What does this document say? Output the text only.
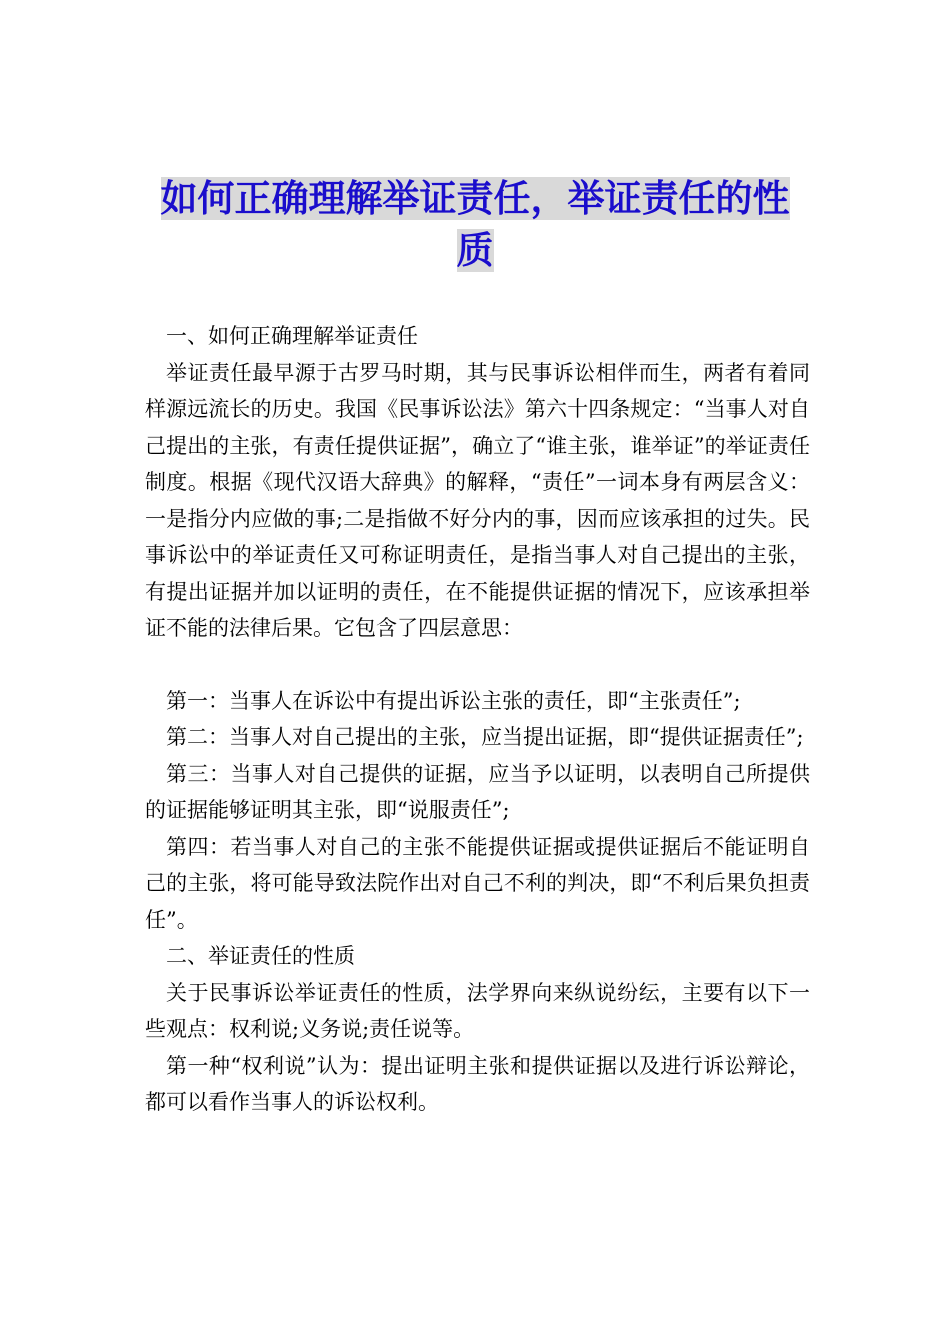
如何正确理解举证责任，举证责任的性
质

一、如何正确理解举证责任

举证责任最早源于古罗马时期，其与民事诉讼相伴而生，两者有着同样源远流长的历史。我国《民事诉讼法》第六十四条规定：“当事人对自己提出的主张，有责任提供证据”，确立了“谁主张，谁举证”的举证责任制度。根据《现代汉语大辞典》的解释，“责任”一词本身有两层含义：一是指分内应做的事;二是指做不好分内的事，因而应该承担的过失。民事诉讼中的举证责任又可称证明责任，是指当事人对自己提出的主张，有提出证据并加以证明的责任，在不能提供证据的情况下，应该承担举证不能的法律后果。它包含了四层意思：

第一：当事人在诉讼中有提出诉讼主张的责任，即“主张责任”;

第二：当事人对自己提出的主张，应当提出证据，即“提供证据责任”;

第三：当事人对自己提供的证据，应当予以证明，以表明自己所提供的证据能够证明其主张，即“说服责任”;

第四：若当事人对自己的主张不能提供证据或提供证据后不能证明自己的主张，将可能导致法院作出对自己不利的判决，即“不利后果负担责任”。

二、举证责任的性质

关于民事诉讼举证责任的性质，法学界向来纵说纷纭，主要有以下一些观点：权利说;义务说;责任说等。

第一种“权利说”认为：提出证明主张和提供证据以及进行诉讼辩论，都可以看作当事人的诉讼权利。
